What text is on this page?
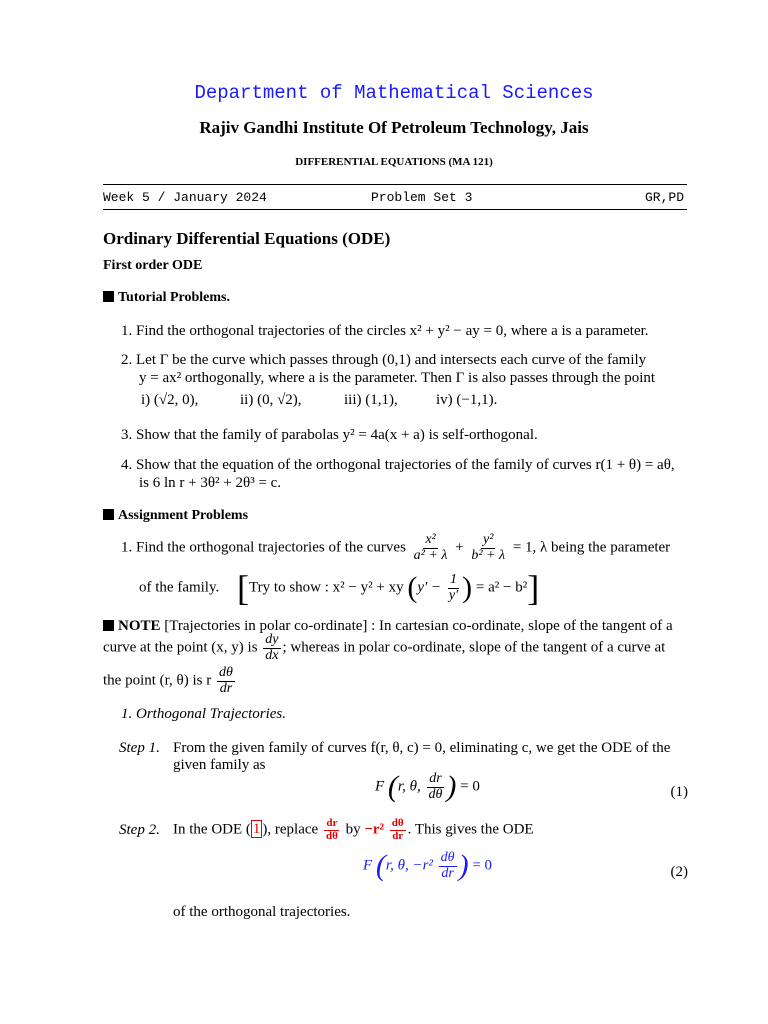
Department of Mathematical Sciences
Rajiv Gandhi Institute Of Petroleum Technology, Jais
DIFFERENTIAL EQUATIONS (MA 121)
Week 5 / January 2024	Problem Set 3	GR,PD
Ordinary Differential Equations (ODE)
First order ODE
Tutorial Problems.
1. Find the orthogonal trajectories of the circles x² + y² − ay = 0, where a is a parameter.
2. Let Γ be the curve which passes through (0,1) and intersects each curve of the family
y = ax² orthogonally, where a is the parameter. Then Γ is also passes through the point
i) (√2, 0),	ii) (0, √2),	iii) (1,1),	iv) (−1,1).
3. Show that the family of parabolas y² = 4a(x + a) is self-orthogonal.
4. Show that the equation of the orthogonal trajectories of the family of curves r(1 + θ) = aθ,
is 6 ln r + 3θ² + 2θ³ = c.
Assignment Problems
1. Find the orthogonal trajectories of the curves $\frac{\text{x²}}{\text{a² + λ}} + \frac{\text{y²}}{\text{b² + λ}} = 1$, λ being the parameter
of the family. [Try to show : x² − y² + xy ($y' - \frac{1}{y'}$ ) = a² − b²]
NOTE [Trajectories in polar co-ordinate] : In cartesian co-ordinate, slope of the tangent of a
curve at the point (x, y) is $\frac{dy}{dx}$ ; whereas in polar co-ordinate, slope of the tangent of a curve at
the point (r, θ) is r $\frac{d\theta}{dr}$
1. Orthogonal Trajectories.
Step 1. From the given family of curves f(r, θ, c) = 0, eliminating c, we get the ODE of the
given family as
F (r, θ, $\frac{dr}{d\theta}$ ) = 0	(1)
Step 2. In the ODE ( 1 ), replace $\frac{dr}{d\theta}$ by $-r^2 \frac{d\theta}{dr}$ . This gives the ODE
F (r, θ, $-r^2 \frac{d\theta}{dr}$ ) = 0	(2)
of the orthogonal trajectories.
